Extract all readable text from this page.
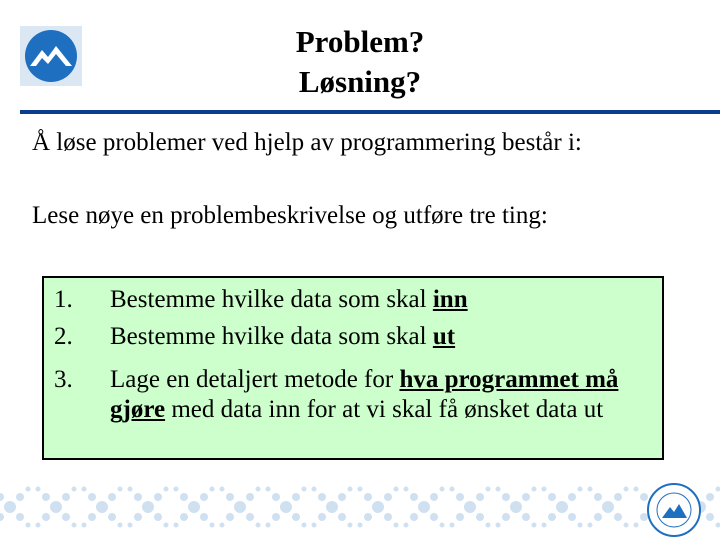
Problem?
Løsning?
Å løse problemer ved hjelp av programmering består i:
Lese nøye en problembeskrivelse og utføre tre ting:
1.	Bestemme hvilke data som skal inn
2.	Bestemme hvilke data som skal ut
3.	Lage en detaljert metode for hva programmet må gjøre med data inn for at vi skal få ønsket data ut
